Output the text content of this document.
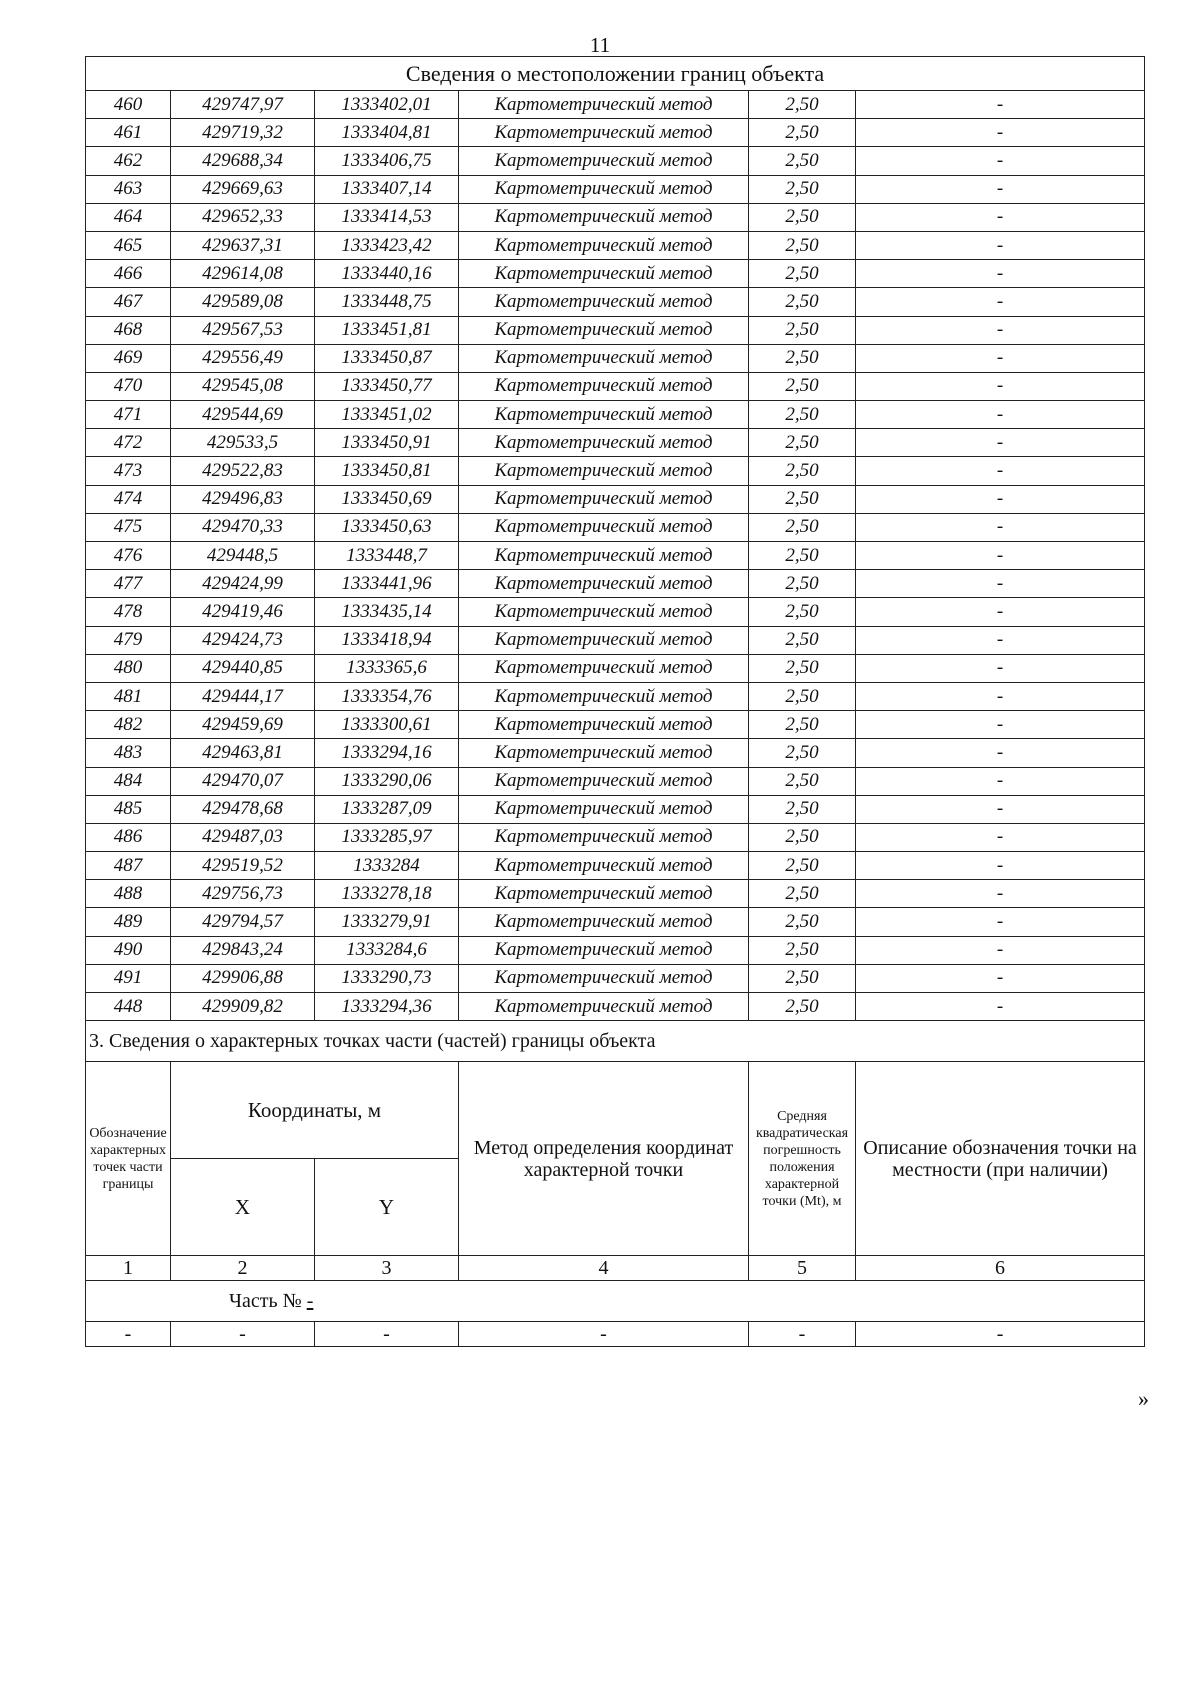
11
Сведения о местоположении границ объекта					
460	429747,97	1333402,01	Картометрический метод	2,50	-
461	429719,32	1333404,81	Картометрический метод	2,50	-
462	429688,34	1333406,75	Картометрический метод	2,50	-
463	429669,63	1333407,14	Картометрический метод	2,50	-
464	429652,33	1333414,53	Картометрический метод	2,50	-
465	429637,31	1333423,42	Картометрический метод	2,50	-
466	429614,08	1333440,16	Картометрический метод	2,50	-
467	429589,08	1333448,75	Картометрический метод	2,50	-
468	429567,53	1333451,81	Картометрический метод	2,50	-
469	429556,49	1333450,87	Картометрический метод	2,50	-
470	429545,08	1333450,77	Картометрический метод	2,50	-
471	429544,69	1333451,02	Картометрический метод	2,50	-
472	429533,5	1333450,91	Картометрический метод	2,50	-
473	429522,83	1333450,81	Картометрический метод	2,50	-
474	429496,83	1333450,69	Картометрический метод	2,50	-
475	429470,33	1333450,63	Картометрический метод	2,50	-
476	429448,5	1333448,7	Картометрический метод	2,50	-
477	429424,99	1333441,96	Картометрический метод	2,50	-
478	429419,46	1333435,14	Картометрический метод	2,50	-
479	429424,73	1333418,94	Картометрический метод	2,50	-
480	429440,85	1333365,6	Картометрический метод	2,50	-
481	429444,17	1333354,76	Картометрический метод	2,50	-
482	429459,69	1333300,61	Картометрический метод	2,50	-
483	429463,81	1333294,16	Картометрический метод	2,50	-
484	429470,07	1333290,06	Картометрический метод	2,50	-
485	429478,68	1333287,09	Картометрический метод	2,50	-
486	429487,03	1333285,97	Картометрический метод	2,50	-
487	429519,52	1333284	Картометрический метод	2,50	-
488	429756,73	1333278,18	Картометрический метод	2,50	-
489	429794,57	1333279,91	Картометрический метод	2,50	-
490	429843,24	1333284,6	Картометрический метод	2,50	-
491	429906,88	1333290,73	Картометрический метод	2,50	-
448	429909,82	1333294,36	Картометрический метод	2,50	-
3. Сведения о характерных точках части (частей) границы объекта					
Обозначение характерных точек части границы	Координаты, м		Метод определения координат характерной точки	Средняя квадратическая погрешность положения характерной точки (Mt), м	Описание обозначения точки на местности (при наличии)
	X	Y			
1	2	3	4	5	6
Часть № -					
-	-	-	-	-	-
»
